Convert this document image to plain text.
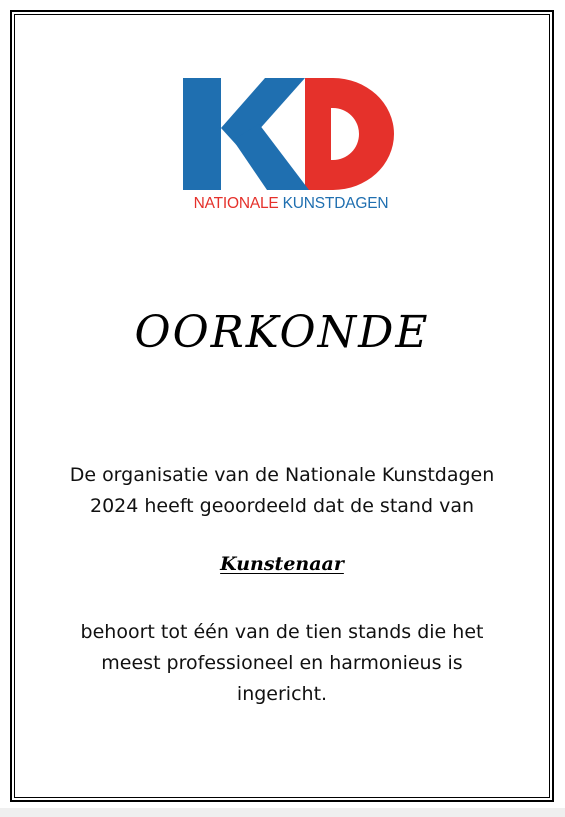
NATIONALE KUNSTDAGEN
OORKONDE
De organisatie van de Nationale Kunstdagen
2024 heeft geoordeeld dat de stand van
Kunstenaar
behoort tot één van de tien stands die het
meest professioneel en harmonieus is
ingericht.
